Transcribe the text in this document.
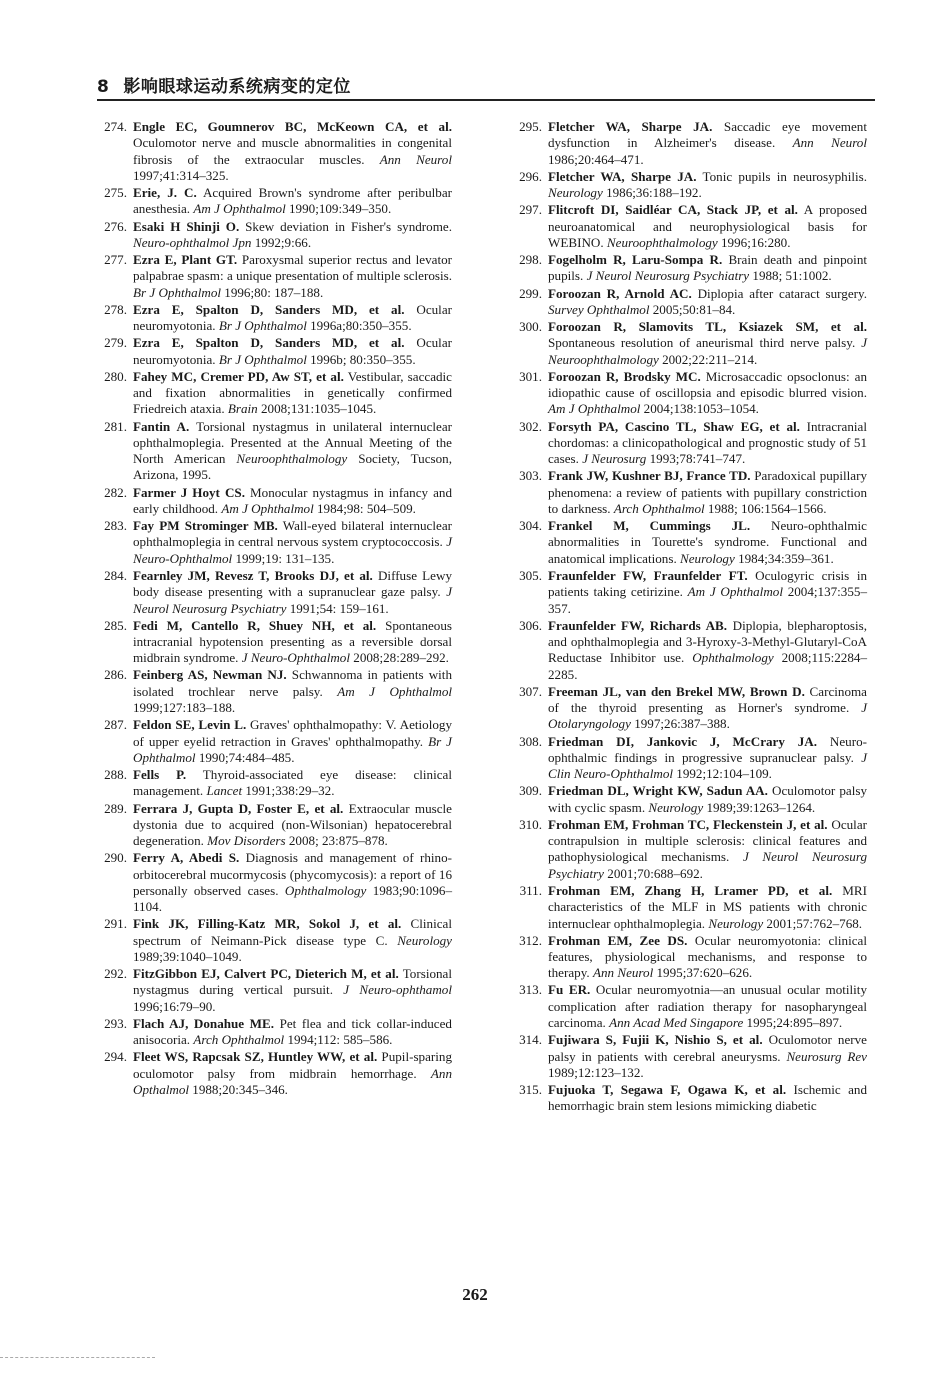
8 影响眼球运动系统病变的定位
274. Engle EC, Goumnerov BC, McKeown CA, et al. Oculomotor nerve and muscle abnormalities in congenital fibrosis of the extraocular muscles. Ann Neurol 1997;41:314–325.
275. Erie, J. C. Acquired Brown's syndrome after peribulbar anesthesia. Am J Ophthalmol 1990;109:349–350.
276. Esaki H Shinji O. Skew deviation in Fisher's syndrome. Neuro-ophthalmol Jpn 1992;9:66.
277. Ezra E, Plant GT. Paroxysmal superior rectus and levator palpabrae spasm: a unique presentation of multiple sclerosis. Br J Ophthalmol 1996;80: 187–188.
278. Ezra E, Spalton D, Sanders MD, et al. Ocular neuromyotonia. Br J Ophthalmol 1996a;80:350–355.
279. Ezra E, Spalton D, Sanders MD, et al. Ocular neuromyotonia. Br J Ophthalmol 1996b; 80:350–355.
280. Fahey MC, Cremer PD, Aw ST, et al. Vestibular, saccadic and fixation abnormalities in genetically confirmed Friedreich ataxia. Brain 2008;131:1035–1045.
281. Fantin A. Torsional nystagmus in unilateral internuclear ophthalmoplegia. Presented at the Annual Meeting of the North American Neuroophthalmology Society, Tucson, Arizona, 1995.
282. Farmer J Hoyt CS. Monocular nystagmus in infancy and early childhood. Am J Ophthalmol 1984;98: 504–509.
283. Fay PM Strominger MB. Wall-eyed bilateral internuclear ophthalmoplegia in central nervous system cryptococcosis. J Neuro-Ophthalmol 1999;19: 131–135.
284. Fearnley JM, Revesz T, Brooks DJ, et al. Diffuse Lewy body disease presenting with a supranuclear gaze palsy. J Neurol Neurosurg Psychiatry 1991;54: 159–161.
285. Fedi M, Cantello R, Shuey NH, et al. Spontaneous intracranial hypotension presenting as a reversible dorsal midbrain syndrome. J Neuro-Ophthalmol 2008;28:289–292.
286. Feinberg AS, Newman NJ. Schwannoma in patients with isolated trochlear nerve palsy. Am J Ophthalmol 1999;127:183–188.
287. Feldon SE, Levin L. Graves' ophthalmopathy: V. Aetiology of upper eyelid retraction in Graves' ophthalmopathy. Br J Ophthalmol 1990;74:484–485.
288. Fells P. Thyroid-associated eye disease: clinical management. Lancet 1991;338:29–32.
289. Ferrara J, Gupta D, Foster E, et al. Extraocular muscle dystonia due to acquired (non-Wilsonian) hepatocerebral degeneration. Mov Disorders 2008; 23:875–878.
290. Ferry A, Abedi S. Diagnosis and management of rhino-orbitocerebral mucormycosis (phycomycosis): a report of 16 personally observed cases. Ophthalmology 1983;90:1096–1104.
291. Fink JK, Filling-Katz MR, Sokol J, et al. Clinical spectrum of Neimann-Pick disease type C. Neurology 1989;39:1040–1049.
292. FitzGibbon EJ, Calvert PC, Dieterich M, et al. Torsional nystagmus during vertical pursuit. J Neuro-ophthamol 1996;16:79–90.
293. Flach AJ, Donahue ME. Pet flea and tick collar-induced anisocoria. Arch Ophthalmol 1994;112: 585–586.
294. Fleet WS, Rapcsak SZ, Huntley WW, et al. Pupil-sparing oculomotor palsy from midbrain hemorrhage. Ann Opthalmol 1988;20:345–346.
295. Fletcher WA, Sharpe JA. Saccadic eye movement dysfunction in Alzheimer's disease. Ann Neurol 1986;20:464–471.
296. Fletcher WA, Sharpe JA. Tonic pupils in neurosyphilis. Neurology 1986;36:188–192.
297. Flitcroft DI, Saidléar CA, Stack JP, et al. A proposed neuroanatomical and neurophysiological basis for WEBINO. Neuroophthalmology 1996;16:280.
298. Fogelholm R, Laru-Sompa R. Brain death and pinpoint pupils. J Neurol Neurosurg Psychiatry 1988; 51:1002.
299. Foroozan R, Arnold AC. Diplopia after cataract surgery. Survey Ophthalmol 2005;50:81–84.
300. Foroozan R, Slamovits TL, Ksiazek SM, et al. Spontaneous resolution of aneurismal third nerve palsy. J Neuroophthalmology 2002;22:211–214.
301. Foroozan R, Brodsky MC. Microsaccadic opsoclonus: an idiopathic cause of oscillopsia and episodic blurred vision. Am J Ophthalmol 2004;138:1053–1054.
302. Forsyth PA, Cascino TL, Shaw EG, et al. Intracranial chordomas: a clinicopathological and prognostic study of 51 cases. J Neurosurg 1993;78:741–747.
303. Frank JW, Kushner BJ, France TD. Paradoxical pupillary phenomena: a review of patients with pupillary constriction to darkness. Arch Ophthalmol 1988; 106:1564–1566.
304. Frankel M, Cummings JL. Neuro-ophthalmic abnormalities in Tourette's syndrome. Functional and anatomical implications. Neurology 1984;34:359–361.
305. Fraunfelder FW, Fraunfelder FT. Oculogyric crisis in patients taking cetirizine. Am J Ophthalmol 2004;137:355–357.
306. Fraunfelder FW, Richards AB. Diplopia, blepharoptosis, and ophthalmoplegia and 3-Hyroxy-3-Methyl-Glutaryl-CoA Reductase Inhibitor use. Ophthalmology 2008;115:2284–2285.
307. Freeman JL, van den Brekel MW, Brown D. Carcinoma of the thyroid presenting as Horner's syndrome. J Otolaryngology 1997;26:387–388.
308. Friedman DI, Jankovic J, McCrary JA. Neuro-ophthalmic findings in progressive supranuclear palsy. J Clin Neuro-Ophthalmol 1992;12:104–109.
309. Friedman DL, Wright KW, Sadun AA. Oculomotor palsy with cyclic spasm. Neurology 1989;39:1263–1264.
310. Frohman EM, Frohman TC, Fleckenstein J, et al. Ocular contrapulsion in multiple sclerosis: clinical features and pathophysiological mechanisms. J Neurol Neurosurg Psychiatry 2001;70:688–692.
311. Frohman EM, Zhang H, Lramer PD, et al. MRI characteristics of the MLF in MS patients with chronic internuclear ophthalmoplegia. Neurology 2001;57:762–768.
312. Frohman EM, Zee DS. Ocular neuromyotonia: clinical features, physiological mechanisms, and response to therapy. Ann Neurol 1995;37:620–626.
313. Fu ER. Ocular neuromyotnia—an unusual ocular motility complication after radiation therapy for nasopharyngeal carcinoma. Ann Acad Med Singapore 1995;24:895–897.
314. Fujiwara S, Fujii K, Nishio S, et al. Oculomotor nerve palsy in patients with cerebral aneurysms. Neurosurg Rev 1989;12:123–132.
315. Fujuoka T, Segawa F, Ogawa K, et al. Ischemic and hemorrhagic brain stem lesions mimicking diabetic
262
